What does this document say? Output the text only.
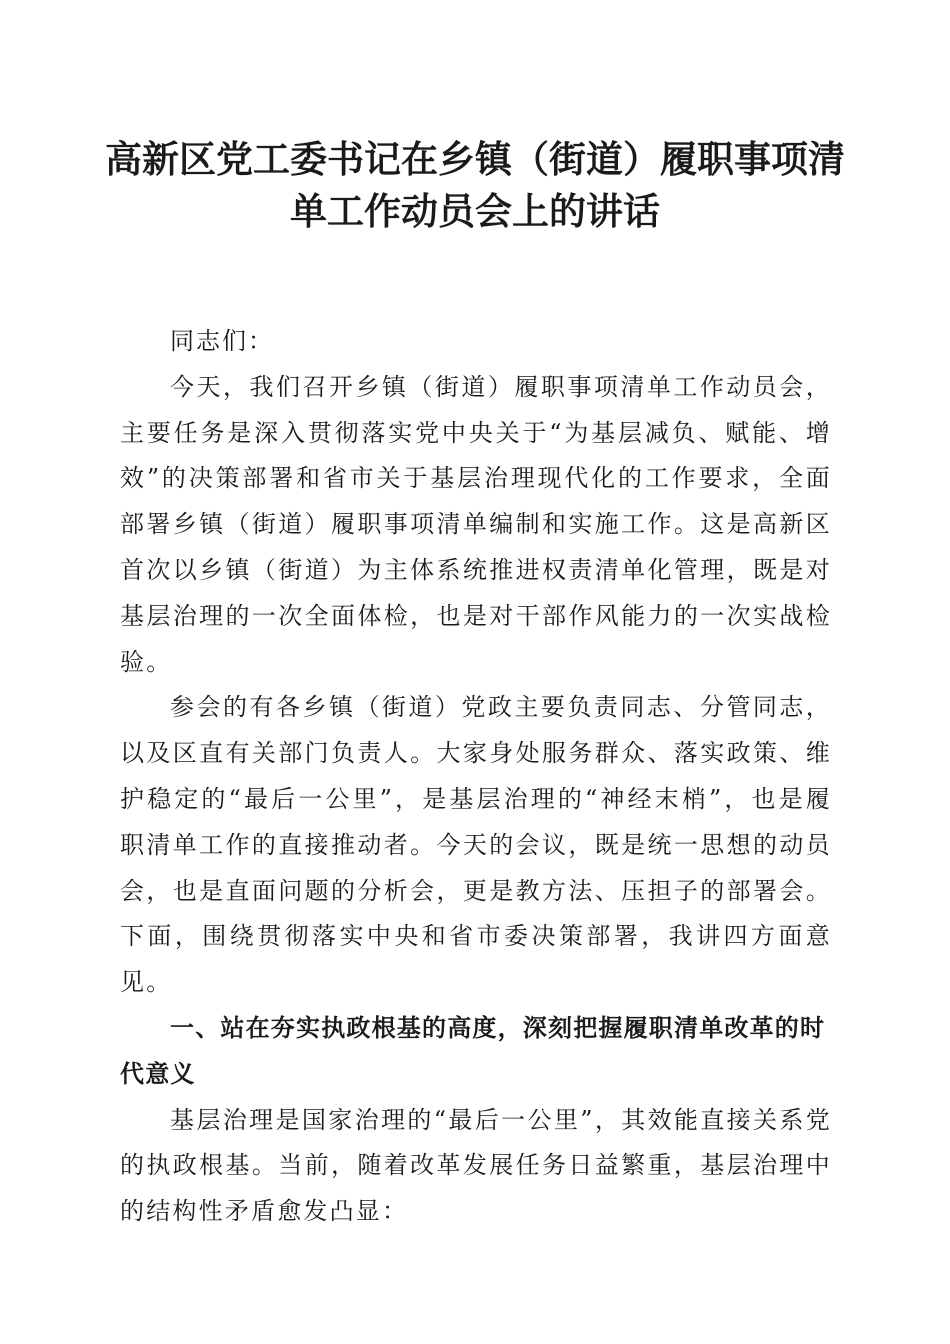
高新区党工委书记在乡镇（街道）履职事项清
单工作动员会上的讲话

同志们：

今天，我们召开乡镇（街道）履职事项清单工作动员会，主要任务是深入贯彻落实党中央关于“为基层减负、赋能、增效”的决策部署和省市关于基层治理现代化的工作要求，全面部署乡镇（街道）履职事项清单编制和实施工作。这是高新区首次以乡镇（街道）为主体系统推进权责清单化管理，既是对基层治理的一次全面体检，也是对干部作风能力的一次实战检验。

参会的有各乡镇（街道）党政主要负责同志、分管同志，以及区直有关部门负责人。大家身处服务群众、落实政策、维护稳定的“最后一公里”，是基层治理的“神经末梢”，也是履职清单工作的直接推动者。今天的会议，既是统一思想的动员会，也是直面问题的分析会，更是教方法、压担子的部署会。下面，围绕贯彻落实中央和省市委决策部署，我讲四方面意见。

一、站在夯实执政根基的高度，深刻把握履职清单改革的时代意义

基层治理是国家治理的“最后一公里”，其效能直接关系党的执政根基。当前，随着改革发展任务日益繁重，基层治理中的结构性矛盾愈发凸显：
